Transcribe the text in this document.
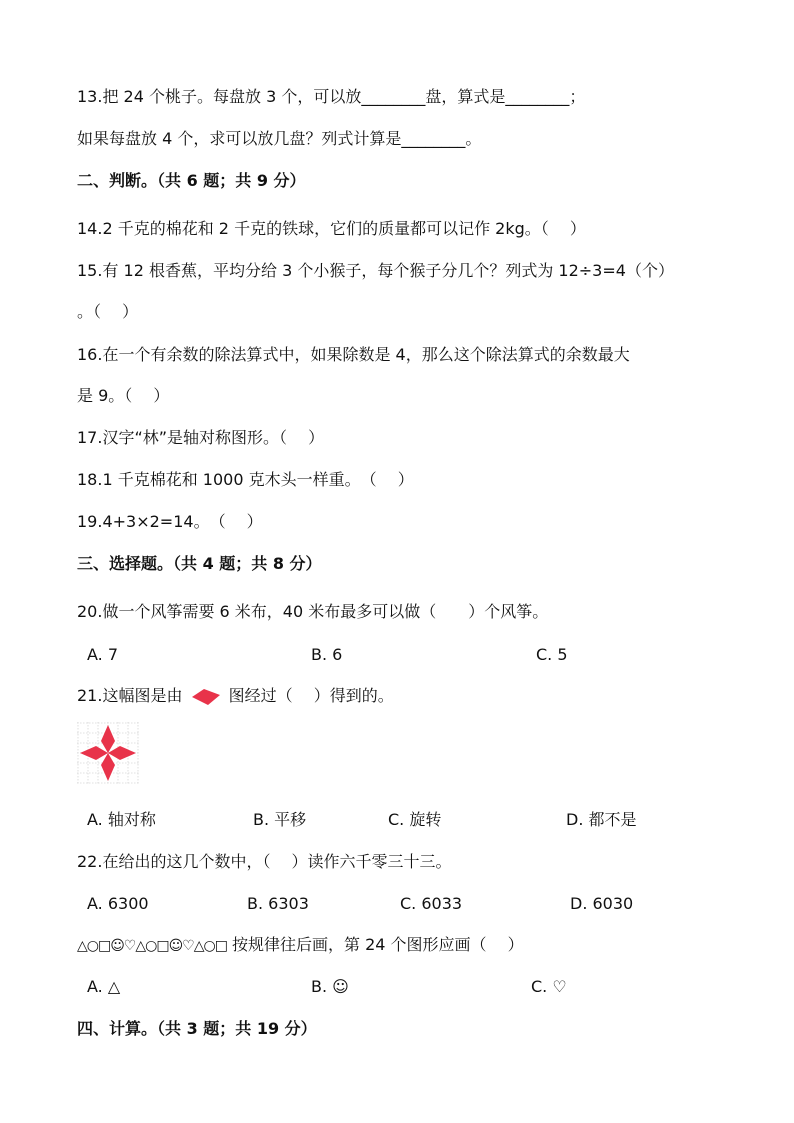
13.把 24 个桃子。每盘放 3 个，可以放________盘，算式是________；
如果每盘放 4 个，求可以放几盘？列式计算是________。
二、判断。（共 6 题；共 9 分）
14.2 千克的棉花和 2 千克的铁球，它们的质量都可以记作 2kg。（　 ）
15.有 12 根香蕉，平均分给 3 个小猴子，每个猴子分几个？列式为 12÷3=4（个）
。（　 ）
16.在一个有余数的除法算式中，如果除数是 4，那么这个除法算式的余数最大
是 9。（　 ）
17.汉字“林”是轴对称图形。（　 ）
18.1 千克棉花和 1000 克木头一样重。　（　 ）
19.4+3×2=14。　（　 ）
三、选择题。（共 4 题；共 8 分）
20.做一个风筝需要 6 米布，40 米布最多可以做（　　）个风筝。
A. 7	B. 6	C. 5
21.这幅图是由	图经过（　 ）得到的。
A. 轴对称	B. 平移	C. 旋转	D. 都不是
22.在给出的这几个数中，（　 ）读作六千零三十三。
A. 6300	B. 6303	C. 6033	D. 6030
△○□☺♡△○□☺♡△○□ 按规律往后画，第 24 个图形应画（　 ）
A. △	B. ☺	C. ♡
四、计算。（共 3 题；共 19 分）
